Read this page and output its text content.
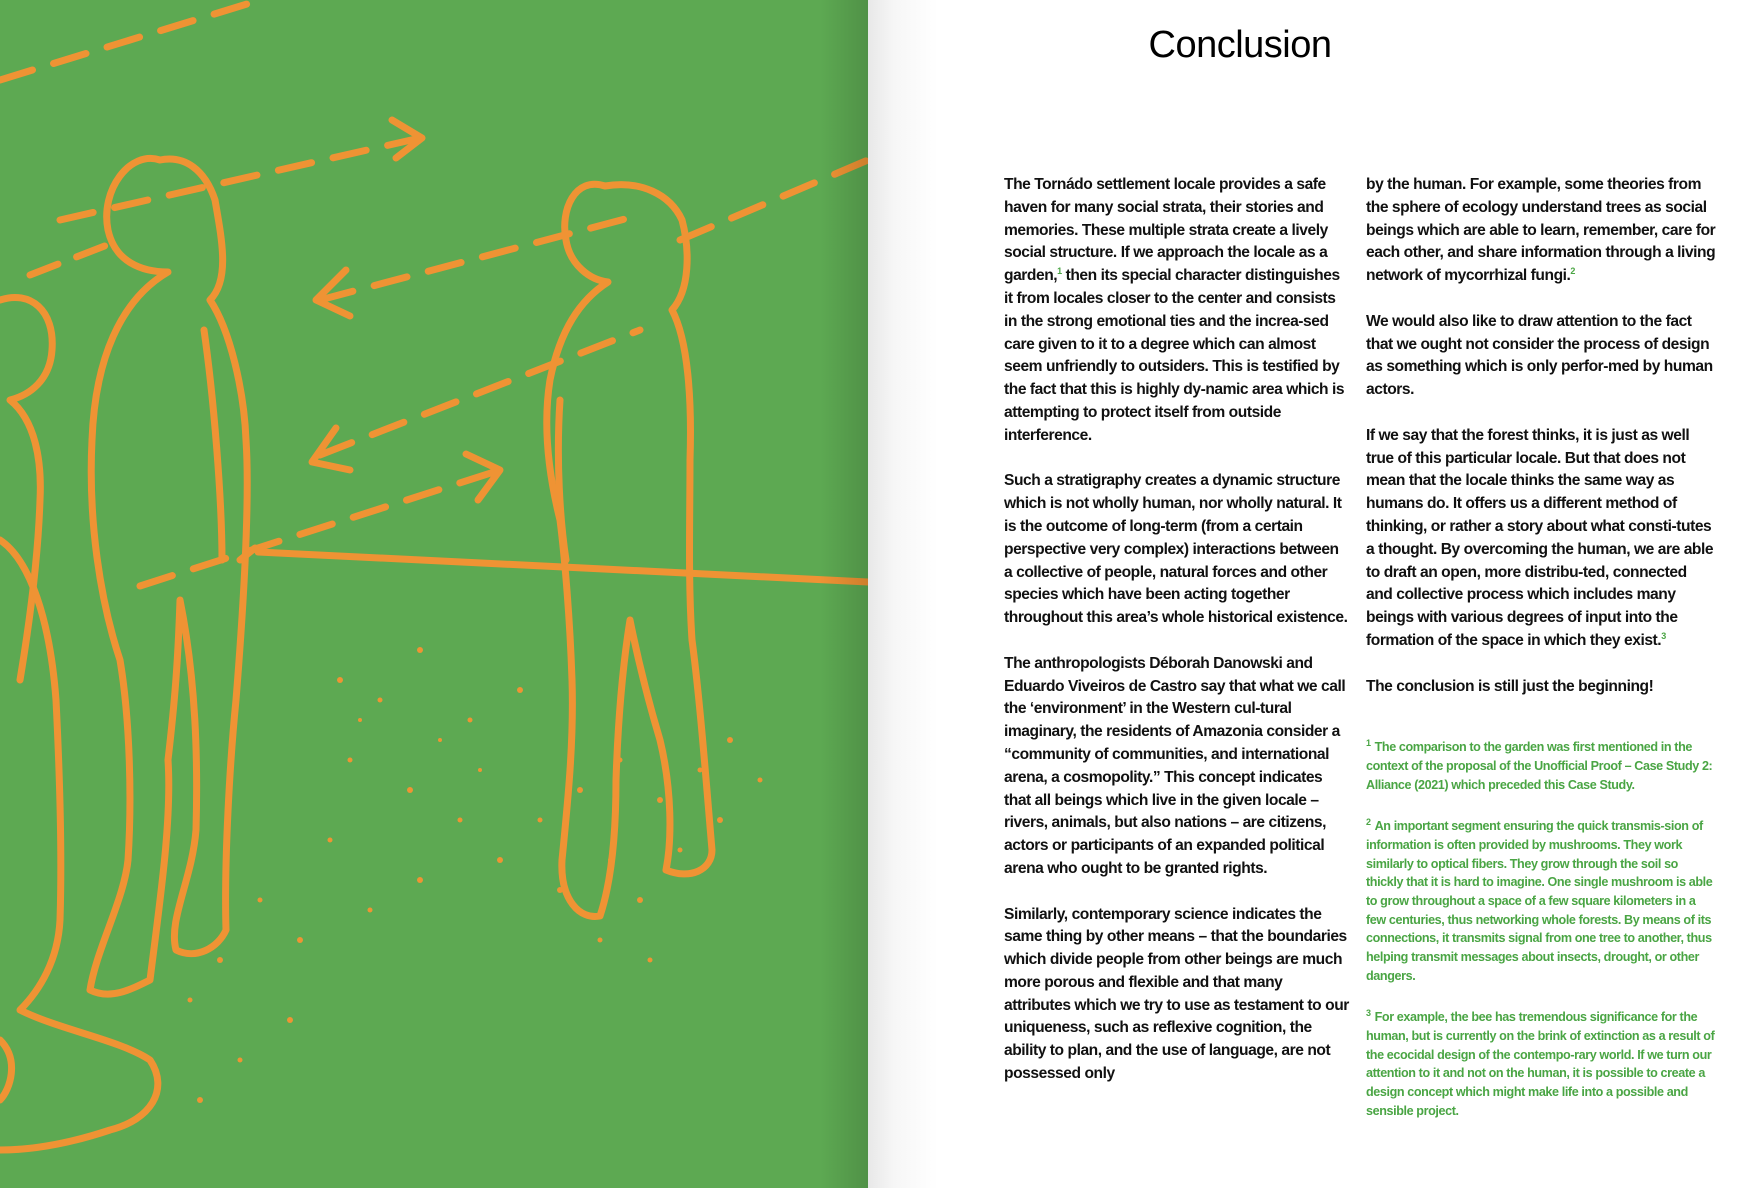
Conclusion

The Tornádo settlement locale provides a safe haven for many social strata, their stories and memories. These multiple strata create a lively social structure. If we approach the locale as a garden,$^1$ then its special character distinguishes it from locales closer to the center and consists in the strong emotional ties and the increa-sed care given to it to a degree which can almost seem unfriendly to outsiders. This is testified by the fact that this is highly dy-namic area which is attempting to protect itself from outside interference.

Such a stratigraphy creates a dynamic structure which is not wholly human, nor wholly natural. It is the outcome of long-term (from a certain perspective very complex) interactions between a collective of people, natural forces and other species which have been acting together throughout this area’s whole historical existence.

The anthropologists Déborah Danowski and Eduardo Viveiros de Castro say that what we call the ‘environment’ in the Western cul-tural imaginary, the residents of Amazonia consider a “community of communities, and international arena, a cosmopolity.” This concept indicates that all beings which live in the given locale – rivers, animals, but also nations – are citizens, actors or participants of an expanded political arena who ought to be granted rights.

Similarly, contemporary science indicates the same thing by other means – that the boundaries which divide people from other beings are much more porous and flexible and that many attributes which we try to use as testament to our uniqueness, such as reflexive cognition, the ability to plan, and the use of language, are not possessed only

by the human. For example, some theories from the sphere of ecology understand trees as social beings which are able to learn, remember, care for each other, and share information through a living network of mycorrhizal fungi.$^2$

We would also like to draw attention to the fact that we ought not consider the process of design as something which is only perfor-med by human actors.

If we say that the forest thinks, it is just as well true of this particular locale. But that does not mean that the locale thinks the same way as humans do. It offers us a different method of thinking, or rather a story about what consti-tutes a thought. By overcoming the human, we are able to draft an open, more distribu-ted, connected and collective process which includes many beings with various degrees of input into the formation of the space in which they exist.$^3$

The conclusion is still just the beginning!

$^1$ The comparison to the garden was first mentioned in the context of the proposal of the Unofficial Proof – Case Study 2: Alliance (2021) which preceded this Case Study.

$^2$ An important segment ensuring the quick transmis-sion of information is often provided by mushrooms. They work similarly to optical fibers. They grow through the soil so thickly that it is hard to imagine. One single mushroom is able to grow throughout a space of a few square kilometers in a few centuries, thus networking whole forests. By means of its connections, it transmits signal from one tree to another, thus helping transmit messages about insects, drought, or other dangers.

$^3$ For example, the bee has tremendous significance for the human, but is currently on the brink of extinction as a result of the ecocidal design of the contempo-rary world. If we turn our attention to it and not on the human, it is possible to create a design concept which might make life into a possible and sensible project.
